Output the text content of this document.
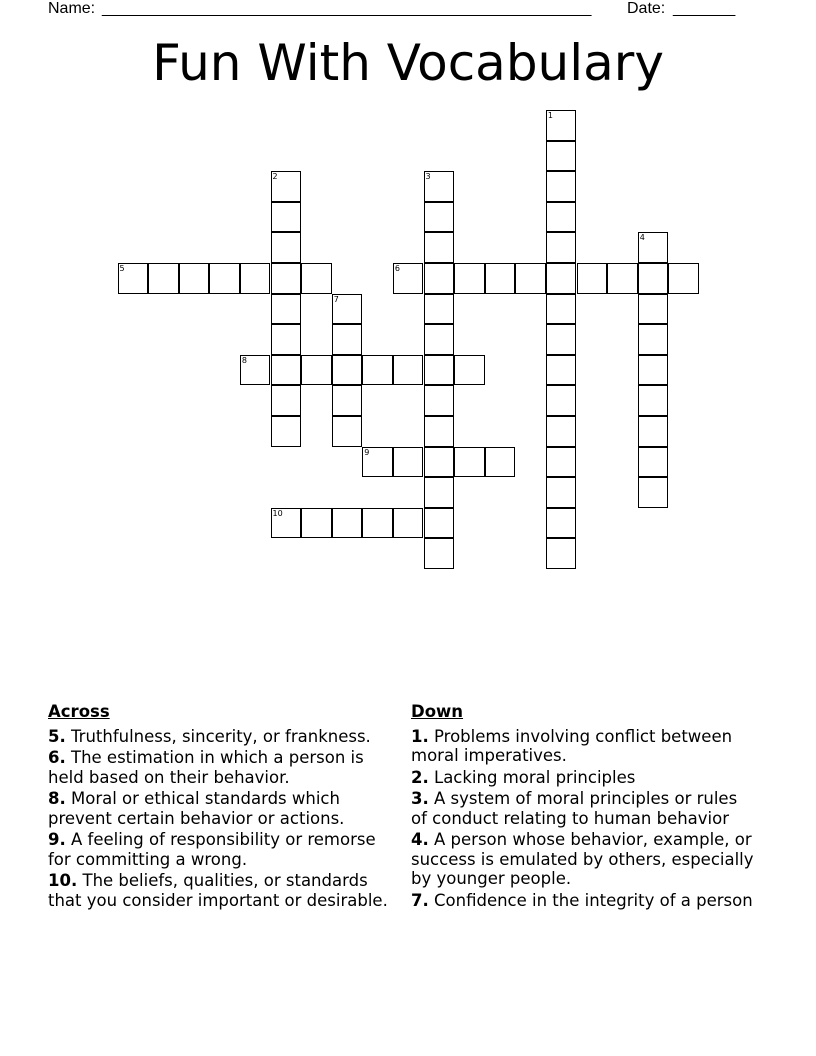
Name: _______________________________________________________ Date: _______
Fun With Vocabulary
5	6
8
9
10
1
2	3
4
7
Across
5. Truthfulness, sincerity, or frankness.
6. The estimation in which a person is held based on their behavior.
8. Moral or ethical standards which prevent certain behavior or actions.
9. A feeling of responsibility or remorse for committing a wrong.
10. The beliefs, qualities, or standards that you consider important or desirable.
Down
1. Problems involving conflict between moral imperatives.
2. Lacking moral principles
3. A system of moral principles or rules of conduct relating to human behavior
4. A person whose behavior, example, or success is emulated by others, especially by younger people.
7. Confidence in the integrity of a person
